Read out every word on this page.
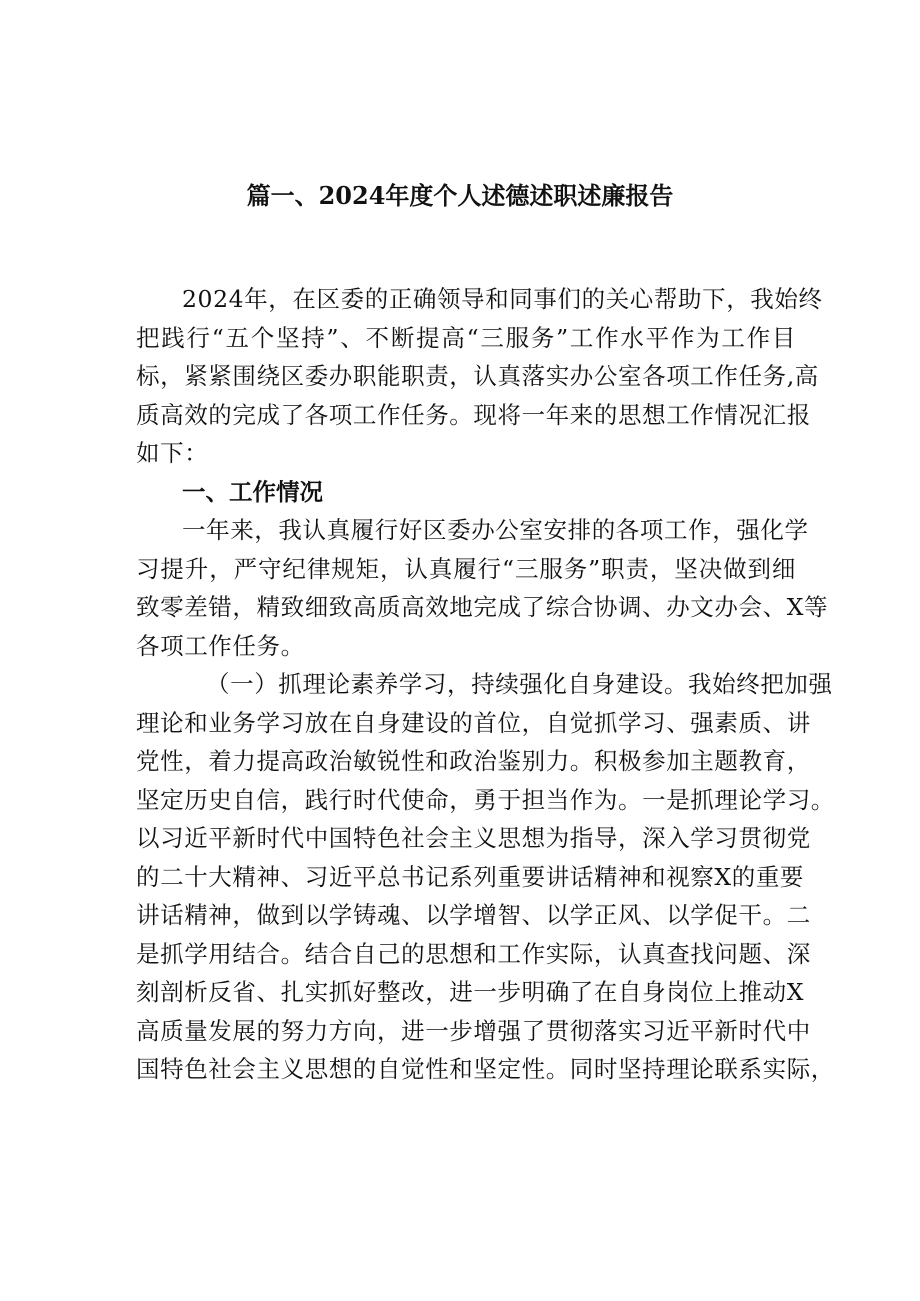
篇一、2024年度个人述德述职述廉报告
2024年，在区委的正确领导和同事们的关心帮助下，我始终
把践行“五个坚持”、不断提高“三服务”工作水平作为工作目
标，紧紧围绕区委办职能职责，认真落实办公室各项工作任务,高
质高效的完成了各项工作任务。现将一年来的思想工作情况汇报
如下：
一、工作情况
一年来，我认真履行好区委办公室安排的各项工作，强化学
习提升，严守纪律规矩，认真履行“三服务”职责，坚决做到细
致零差错，精致细致高质高效地完成了综合协调、办文办会、X等
各项工作任务。
（一）抓理论素养学习，持续强化自身建设。我始终把加强
理论和业务学习放在自身建设的首位，自觉抓学习、强素质、讲
党性，着力提高政治敏锐性和政治鉴别力。积极参加主题教育，
坚定历史自信，践行时代使命，勇于担当作为。一是抓理论学习。
以习近平新时代中国特色社会主义思想为指导，深入学习贯彻党
的二十大精神、习近平总书记系列重要讲话精神和视察X的重要
讲话精神，做到以学铸魂、以学增智、以学正风、以学促干。二
是抓学用结合。结合自己的思想和工作实际，认真查找问题、深
刻剖析反省、扎实抓好整改，进一步明确了在自身岗位上推动X
高质量发展的努力方向，进一步增强了贯彻落实习近平新时代中
国特色社会主义思想的自觉性和坚定性。同时坚持理论联系实际，
